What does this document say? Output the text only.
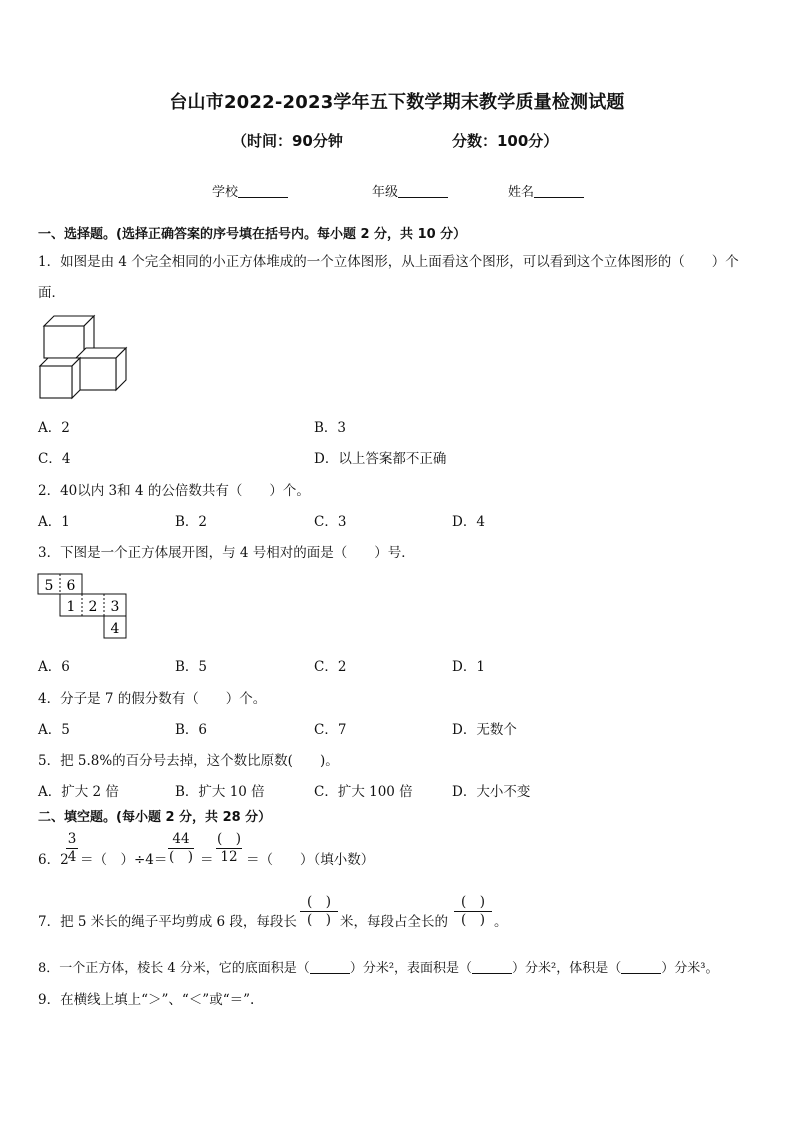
台山市2022-2023学年五下数学期末教学质量检测试题
（时间：90分钟	分数：100分）
学校	年级	姓名
一、选择题。(选择正确答案的序号填在括号内。每小题 2 分，共 10 分）
1．如图是由 4 个完全相同的小正方体堆成的一个立体图形，从上面看这个图形，可以看到这个立体图形的（　　）个
面．
A．2	B．3
C．4	D．以上答案都不正确
2．40以内 3和 4 的公倍数共有（　　）个。
A．1	B．2	C．3	D．4
3．下图是一个正方体展开图，与 4 号相对的面是（　　）号．
5 6
1 2 3
4
A．6	B．5	C．2	D．1
4．分子是 7 的假分数有（　　）个。
A．5	B．6	C．7	D．无数个
5．把 5.8%的百分号去掉，这个数比原数(　　)。
A．扩大 2 倍	B．扩大 10 倍	C．扩大 100 倍	D．大小不变
二、填空题。(每小题 2 分，共 28 分）
6．2
3
4 ＝（　）÷4＝
44
(　) ＝
(　)
12 ＝（　　）（填小数）
7．把 5 米长的绳子平均剪成 6 段，每段长
(　)
(　) 米，每段占全长的
(　)
(　) 。
8．一个正方体，棱长 4 分米，它的底面积是（	）分米²，表面积是（	）分米²，体积是（	）分米³。
9．在横线上填上“＞”、“＜”或“＝”.
